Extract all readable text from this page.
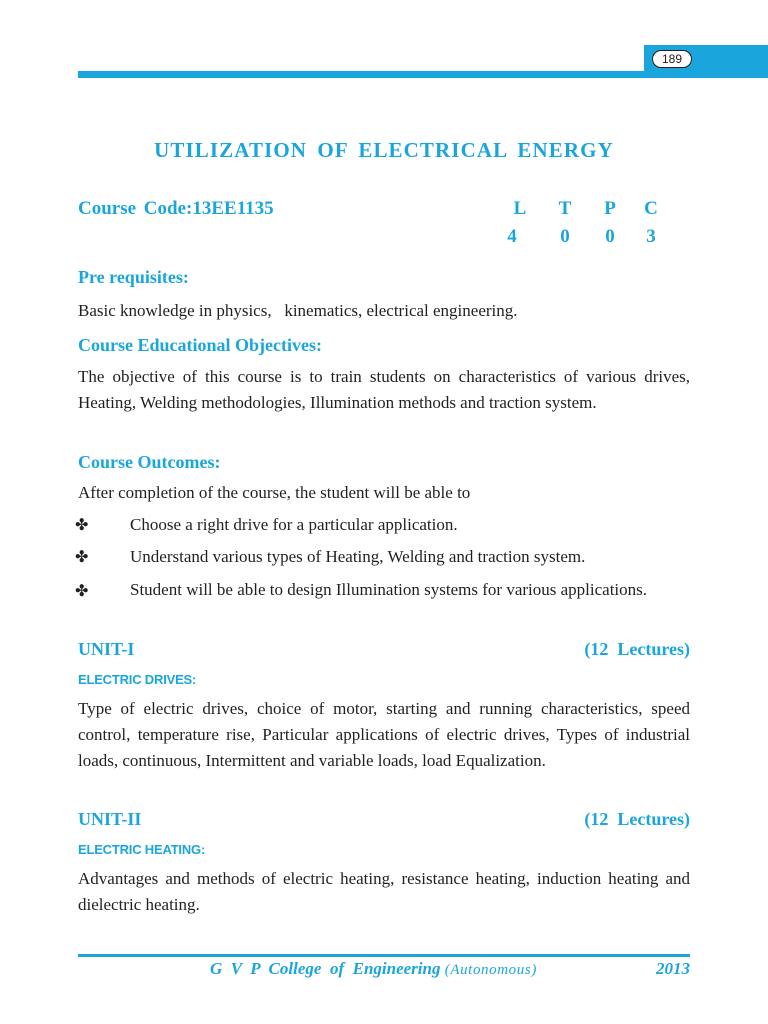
189
UTILIZATION OF ELECTRICAL ENERGY
Course Code:13EE1135	L T	P	C
4	0	0	3
Pre requisites:
Basic knowledge in physics,   kinematics, electrical engineering.
Course Educational Objectives:
The objective of this course is to train students on characteristics of various drives, Heating, Welding methodologies, Illumination methods and traction system.
Course Outcomes:
After completion of the course, the student will be able to
✤ Choose a right drive for a particular application.
✤ Understand various types of Heating, Welding and traction system.
✤ Student will be able to design Illumination systems for various applications.
UNIT-I	(12  Lectures)
ELECTRIC DRIVES:
Type of electric drives, choice of motor, starting and running characteristics, speed control, temperature rise, Particular applications of electric drives, Types of industrial loads, continuous, Intermittent and variable loads, load Equalization.
UNIT-II	(12  Lectures)
ELECTRIC HEATING:
Advantages and methods of electric heating, resistance heating, induction heating and dielectric heating.
G  V  P  College  of  Engineering (Autonomous)	2013
